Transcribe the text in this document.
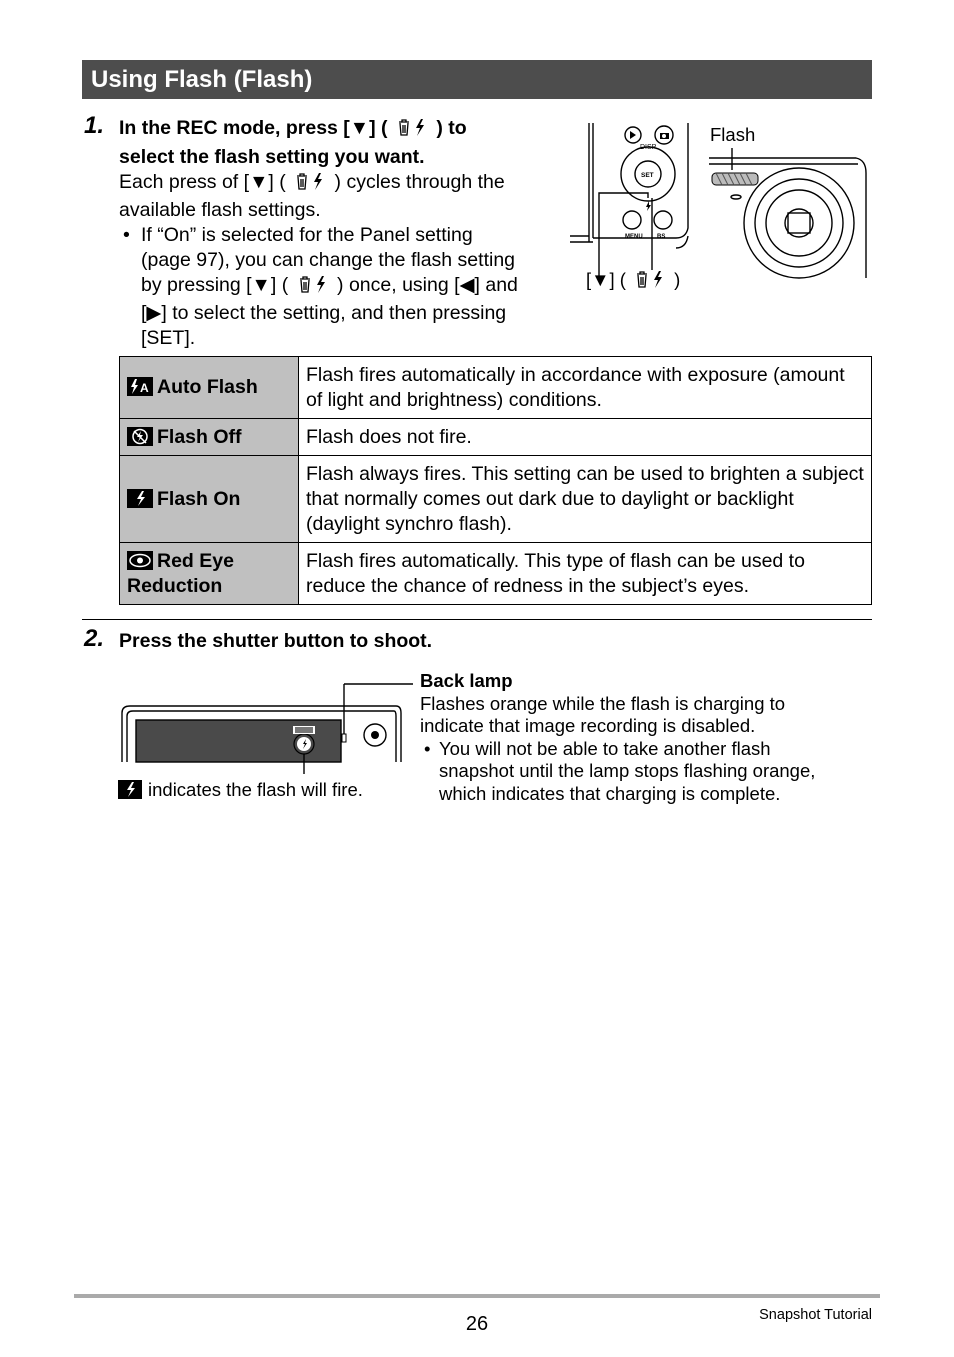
Using Flash (Flash)
1. In the REC mode, press [▼] (	) to
select the flash setting you want.
Each press of [▼] (	) cycles through the
available flash settings.
• If “On” is selected for the Panel setting
(page 97), you can change the flash setting
by pressing [▼] (	) once, using [◀] and
[▶] to select the setting, and then pressing
[SET].
DISP
SET
MENU BS
Flash
[▼] (	)
A Auto Flash	Flash fires automatically in accordance with exposure (amount of light and brightness) conditions.
Flash Off	Flash does not fire.
Flash On	Flash always fires. This setting can be used to brighten a subject that normally comes out dark due to daylight or backlight (daylight synchro flash).
Red Eye Reduction	Flash fires automatically. This type of flash can be used to reduce the chance of redness in the subject’s eyes.
2. Press the shutter button to shoot.
indicates the flash will fire.
Back lamp
Flashes orange while the flash is charging to
indicate that image recording is disabled.
• You will not be able to take another flash
snapshot until the lamp stops flashing orange,
which indicates that charging is complete.
26	Snapshot Tutorial
